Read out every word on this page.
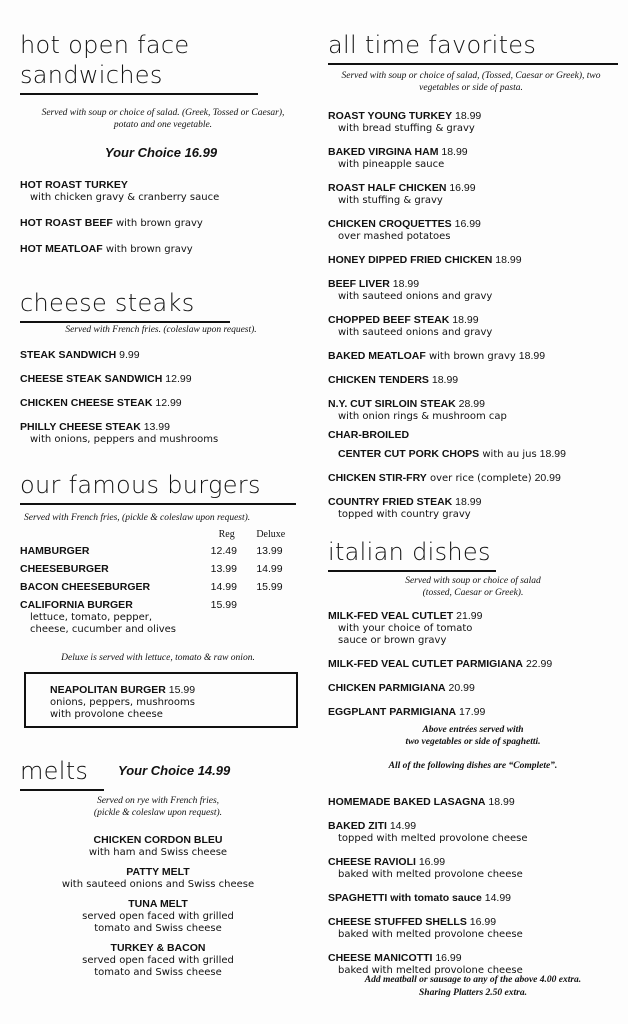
hot open face
sandwiches
Served with soup or choice of salad. (Greek, Tossed or Caesar), potato and one vegetable.
Your Choice 16.99
HOT ROAST TURKEY
with chicken gravy & cranberry sauce
HOT ROAST BEEF with brown gravy
HOT MEATLOAF with brown gravy
cheese steaks
Served with French fries. (coleslaw upon request).
STEAK SANDWICH 9.99
CHEESE STEAK SANDWICH 12.99
CHICKEN CHEESE STEAK 12.99
PHILLY CHEESE STEAK 13.99
with onions, peppers and mushrooms
our famous burgers
Served with French fries, (pickle & coleslaw upon request).
Reg	Deluxe
HAMBURGER	12.49	13.99
CHEESEBURGER	13.99	14.99
BACON CHEESEBURGER	14.99	15.99
CALIFORNIA BURGER	15.99
lettuce, tomato, pepper,
cheese, cucumber and olives
Deluxe is served with lettuce, tomato & raw onion.
NEAPOLITAN BURGER 15.99
onions, peppers, mushrooms
with provolone cheese
melts	Your Choice 14.99
Served on rye with French fries,
(pickle & coleslaw upon request).
CHICKEN CORDON BLEU
with ham and Swiss cheese
PATTY MELT
with sauteed onions and Swiss cheese
TUNA MELT
served open faced with grilled
tomato and Swiss cheese
TURKEY & BACON
served open faced with grilled
tomato and Swiss cheese
all time favorites
Served with soup or choice of salad, (Tossed, Caesar or Greek), two vegetables or side of pasta.
ROAST YOUNG TURKEY 18.99
with bread stuffing & gravy
BAKED VIRGINA HAM 18.99
with pineapple sauce
ROAST HALF CHICKEN 16.99
with stuffing & gravy
CHICKEN CROQUETTES 16.99
over mashed potatoes
HONEY DIPPED FRIED CHICKEN 18.99
BEEF LIVER 18.99
with sauteed onions and gravy
CHOPPED BEEF STEAK 18.99
with sauteed onions and gravy
BAKED MEATLOAF with brown gravy 18.99
CHICKEN TENDERS 18.99
N.Y. CUT SIRLOIN STEAK 28.99
with onion rings & mushroom cap
CHAR-BROILED
CENTER CUT PORK CHOPS with au jus 18.99
CHICKEN STIR-FRY over rice (complete) 20.99
COUNTRY FRIED STEAK 18.99
topped with country gravy
italian dishes
Served with soup or choice of salad
(tossed, Caesar or Greek).
MILK-FED VEAL CUTLET 21.99
with your choice of tomato
sauce or brown gravy
MILK-FED VEAL CUTLET PARMIGIANA 22.99
CHICKEN PARMIGIANA 20.99
EGGPLANT PARMIGIANA 17.99
Above entrées served with
two vegetables or side of spaghetti.
All of the following dishes are “Complete”.
HOMEMADE BAKED LASAGNA 18.99
BAKED ZITI 14.99
topped with melted provolone cheese
CHEESE RAVIOLI 16.99
baked with melted provolone cheese
SPAGHETTI with tomato sauce 14.99
CHEESE STUFFED SHELLS 16.99
baked with melted provolone cheese
CHEESE MANICOTTI 16.99
baked with melted provolone cheese
Add meatball or sausage to any of the above 4.00 extra.
Sharing Platters 2.50 extra.
